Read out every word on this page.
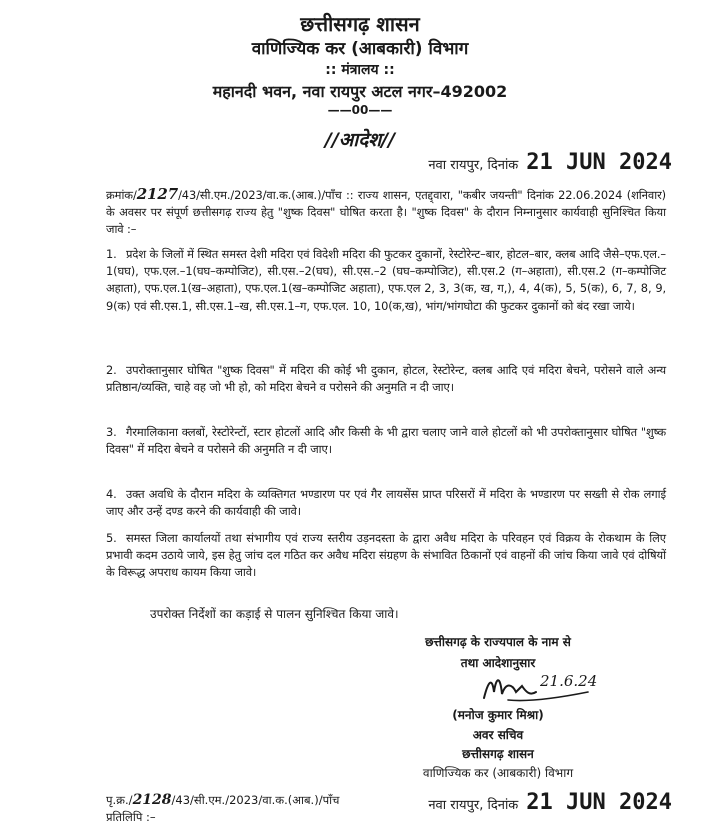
छत्तीसगढ़ शासन
वाणिज्यिक कर (आबकारी) विभाग
:: मंत्रालय ::
महानदी भवन, नवा रायपुर अटल नगर–492002
——00——
//आदेश//
नवा रायपुर, दिनांक 21 JUN 2024
क्रमांक/2127/43/सी.एम./2023/वा.क.(आब.)/पाँच :: राज्य शासन, एतद्द्वारा, "कबीर जयन्ती" दिनांक 22.06.2024 (शनिवार) के अवसर पर संपूर्ण छत्तीसगढ़ राज्य हेतु "शुष्क दिवस" घोषित करता है। "शुष्क दिवस" के दौरान निम्नानुसार कार्यवाही सुनिश्चित किया जावे :–
1. प्रदेश के जिलों में स्थित समस्त देशी मदिरा एवं विदेशी मदिरा की फुटकर दुकानों, रेस्टोरेन्ट–बार, होटल–बार, क्लब आदि जैसे–एफ.एल.–1(घघ), एफ.एल.–1(घघ–कम्पोजिट), सी.एस.–2(घघ), सी.एस.–2 (घघ–कम्पोजिट), सी.एस.2 (ग–अहाता), सी.एस.2 (ग–कम्पोजिट अहाता), एफ.एल.1(ख–अहाता), एफ.एल.1(ख–कम्पोजिट अहाता), एफ.एल 2, 3, 3(क, ख, ग,), 4, 4(क), 5, 5(क), 6, 7, 8, 9, 9(क) एवं सी.एस.1, सी.एस.1–ख, सी.एस.1–ग, एफ.एल. 10, 10(क,ख), भांग/भांगघोटा की फुटकर दुकानों को बंद रखा जाये।
2. उपरोक्तानुसार घोषित "शुष्क दिवस" में मदिरा की कोई भी दुकान, होटल, रेस्टोरेन्ट, क्लब आदि एवं मदिरा बेचने, परोसने वाले अन्य प्रतिष्ठान/व्यक्ति, चाहे वह जो भी हो, को मदिरा बेचने व परोसने की अनुमति न दी जाए।
3. गैरमालिकाना क्लबों, रेस्टोरेन्टों, स्टार होटलों आदि और किसी के भी द्वारा चलाए जाने वाले होटलों को भी उपरोक्तानुसार घोषित "शुष्क दिवस" में मदिरा बेचने व परोसने की अनुमति न दी जाए।
4. उक्त अवधि के दौरान मदिरा के व्यक्तिगत भण्डारण पर एवं गैर लायसेंस प्राप्त परिसरों में मदिरा के भण्डारण पर सख्ती से रोक लगाई जाए और उन्हें दण्ड करने की कार्यवाही की जावे।
5. समस्त जिला कार्यालयों तथा संभागीय एवं राज्य स्तरीय उड़नदस्ता के द्वारा अवैध मदिरा के परिवहन एवं विक्रय के रोकथाम के लिए प्रभावी कदम उठाये जाये, इस हेतु जांच दल गठित कर अवैध मदिरा संग्रहण के संभावित ठिकानों एवं वाहनों की जांच किया जावे एवं दोषियों के विरूद्ध अपराध कायम किया जावे।
उपरोक्त निर्देशों का कड़ाई से पालन सुनिश्चित किया जावे।
छत्तीसगढ़ के राज्यपाल के नाम से
तथा आदेशानुसार
21.6.24
(मनोज कुमार मिश्रा)
अवर सचिव
छत्तीसगढ़ शासन
वाणिज्यिक कर (आबकारी) विभाग
पृ.क्र./2128/43/सी.एम./2023/वा.क.(आब.)/पाँच	नवा रायपुर, दिनांक 21 JUN 2024
प्रतिलिपि :–
